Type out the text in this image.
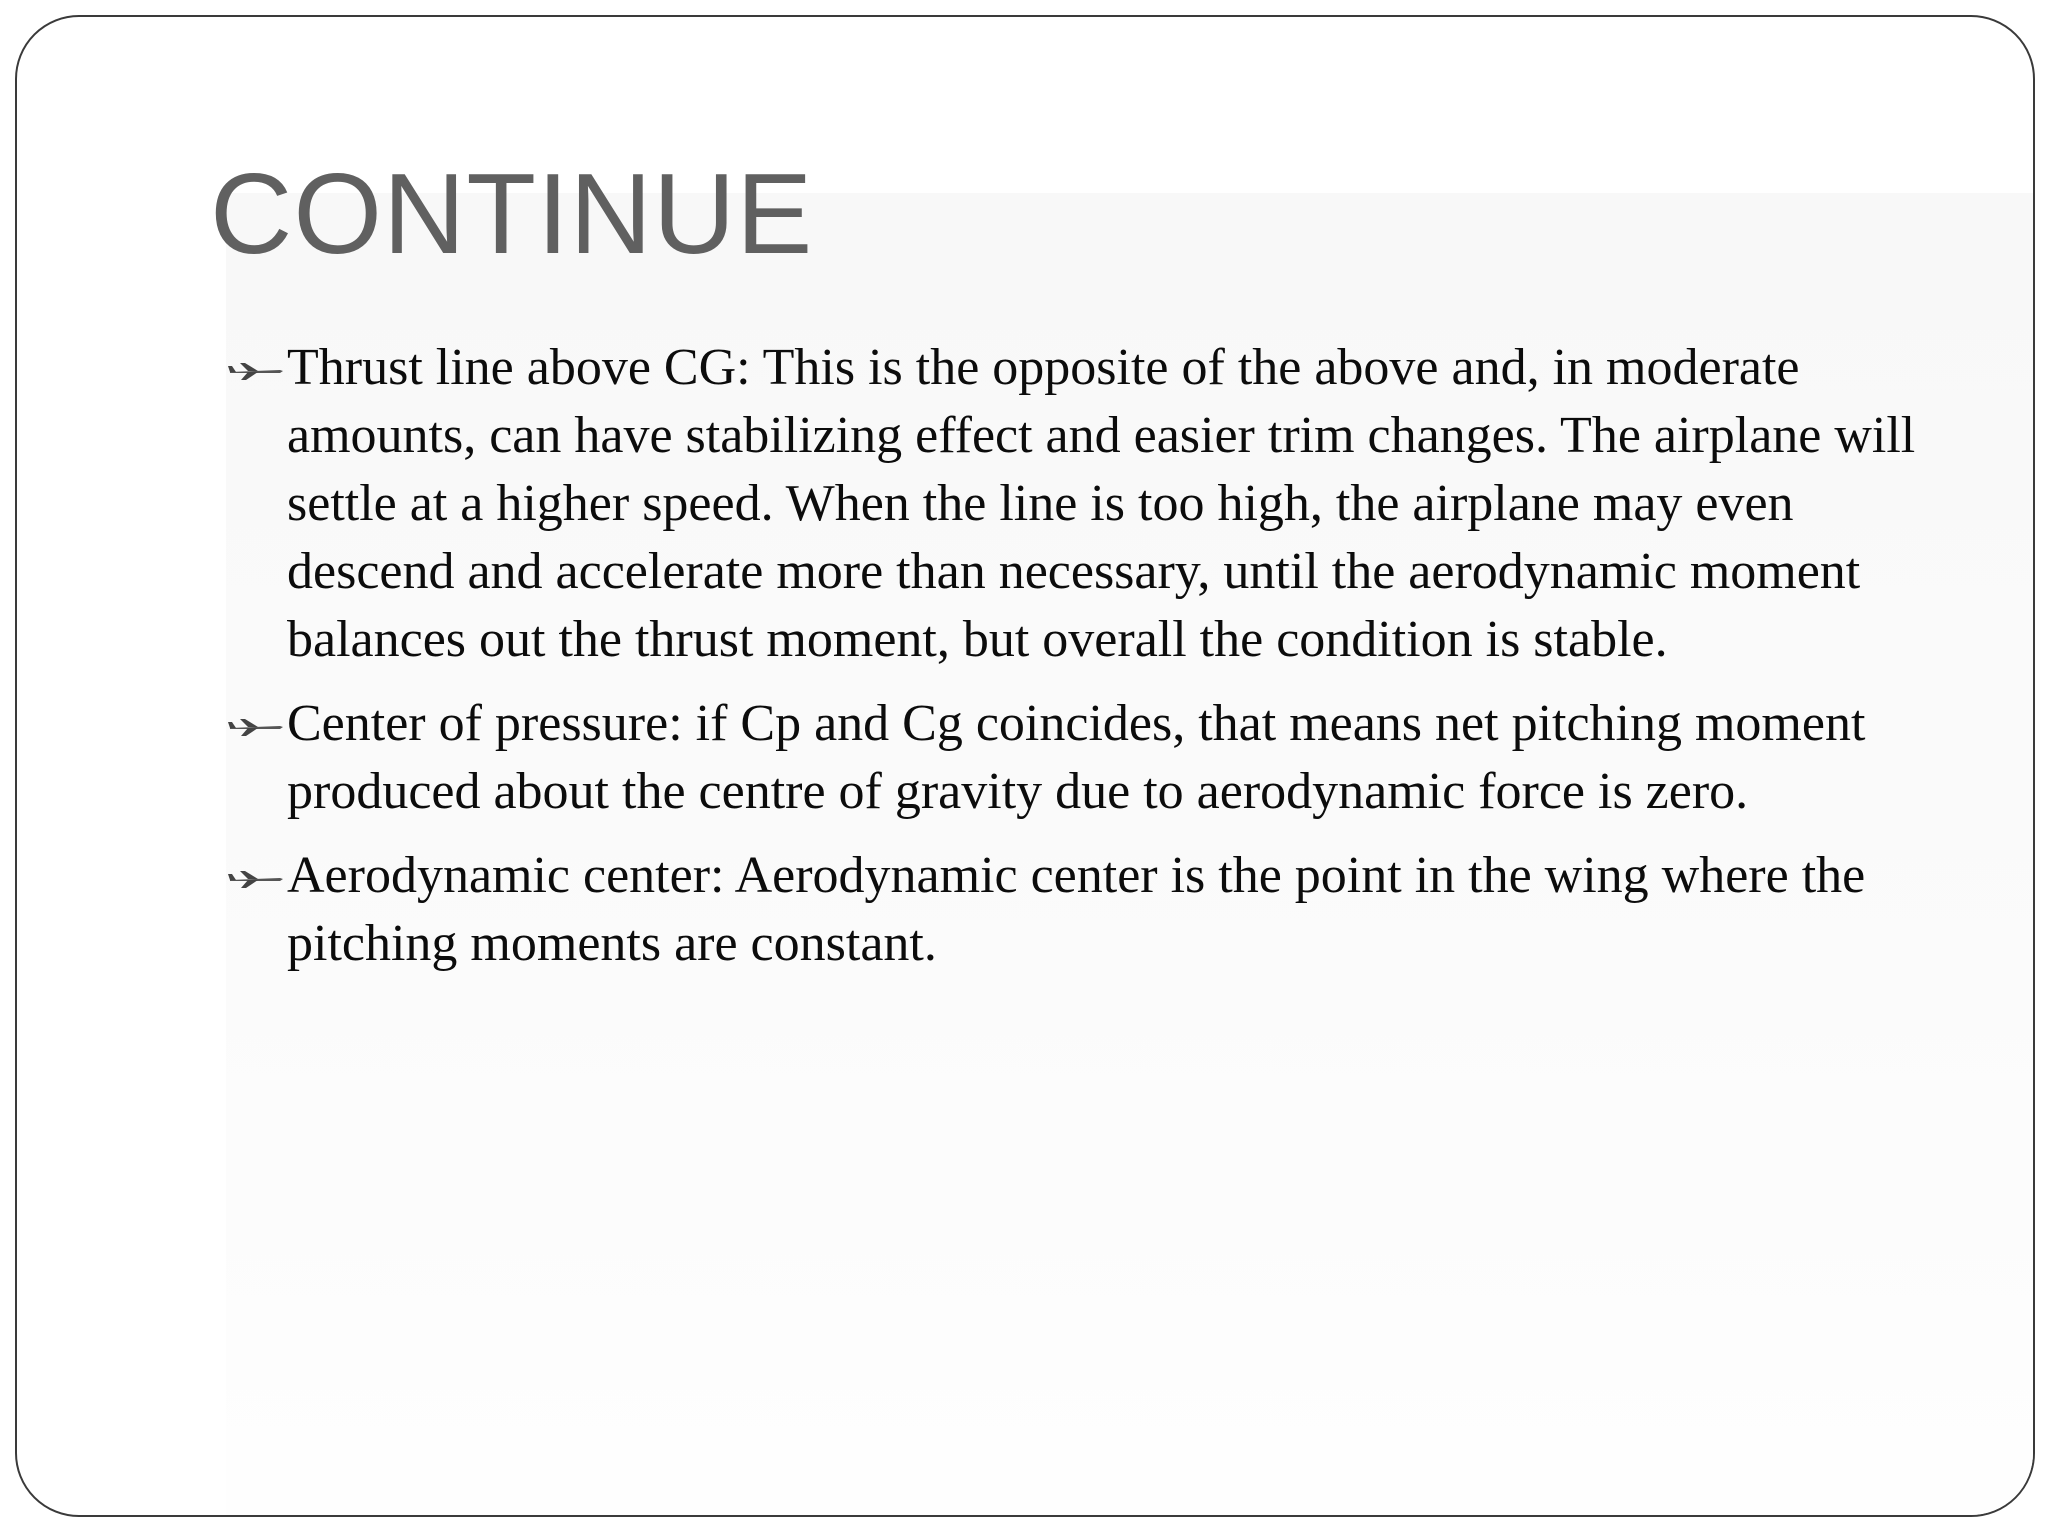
CONTINUE
Thrust line above CG: This is the opposite of the above and, in moderate amounts, can have stabilizing effect and easier trim changes. The airplane will settle at a higher speed. When the line is too high, the airplane may even descend and accelerate more than necessary, until the aerodynamic moment balances out the thrust moment, but overall the condition is stable.
Center of pressure: if Cp and Cg coincides, that means net pitching moment produced about the centre of gravity due to aerodynamic force is zero.
Aerodynamic center: Aerodynamic center is the point in the wing where the pitching moments are constant.
